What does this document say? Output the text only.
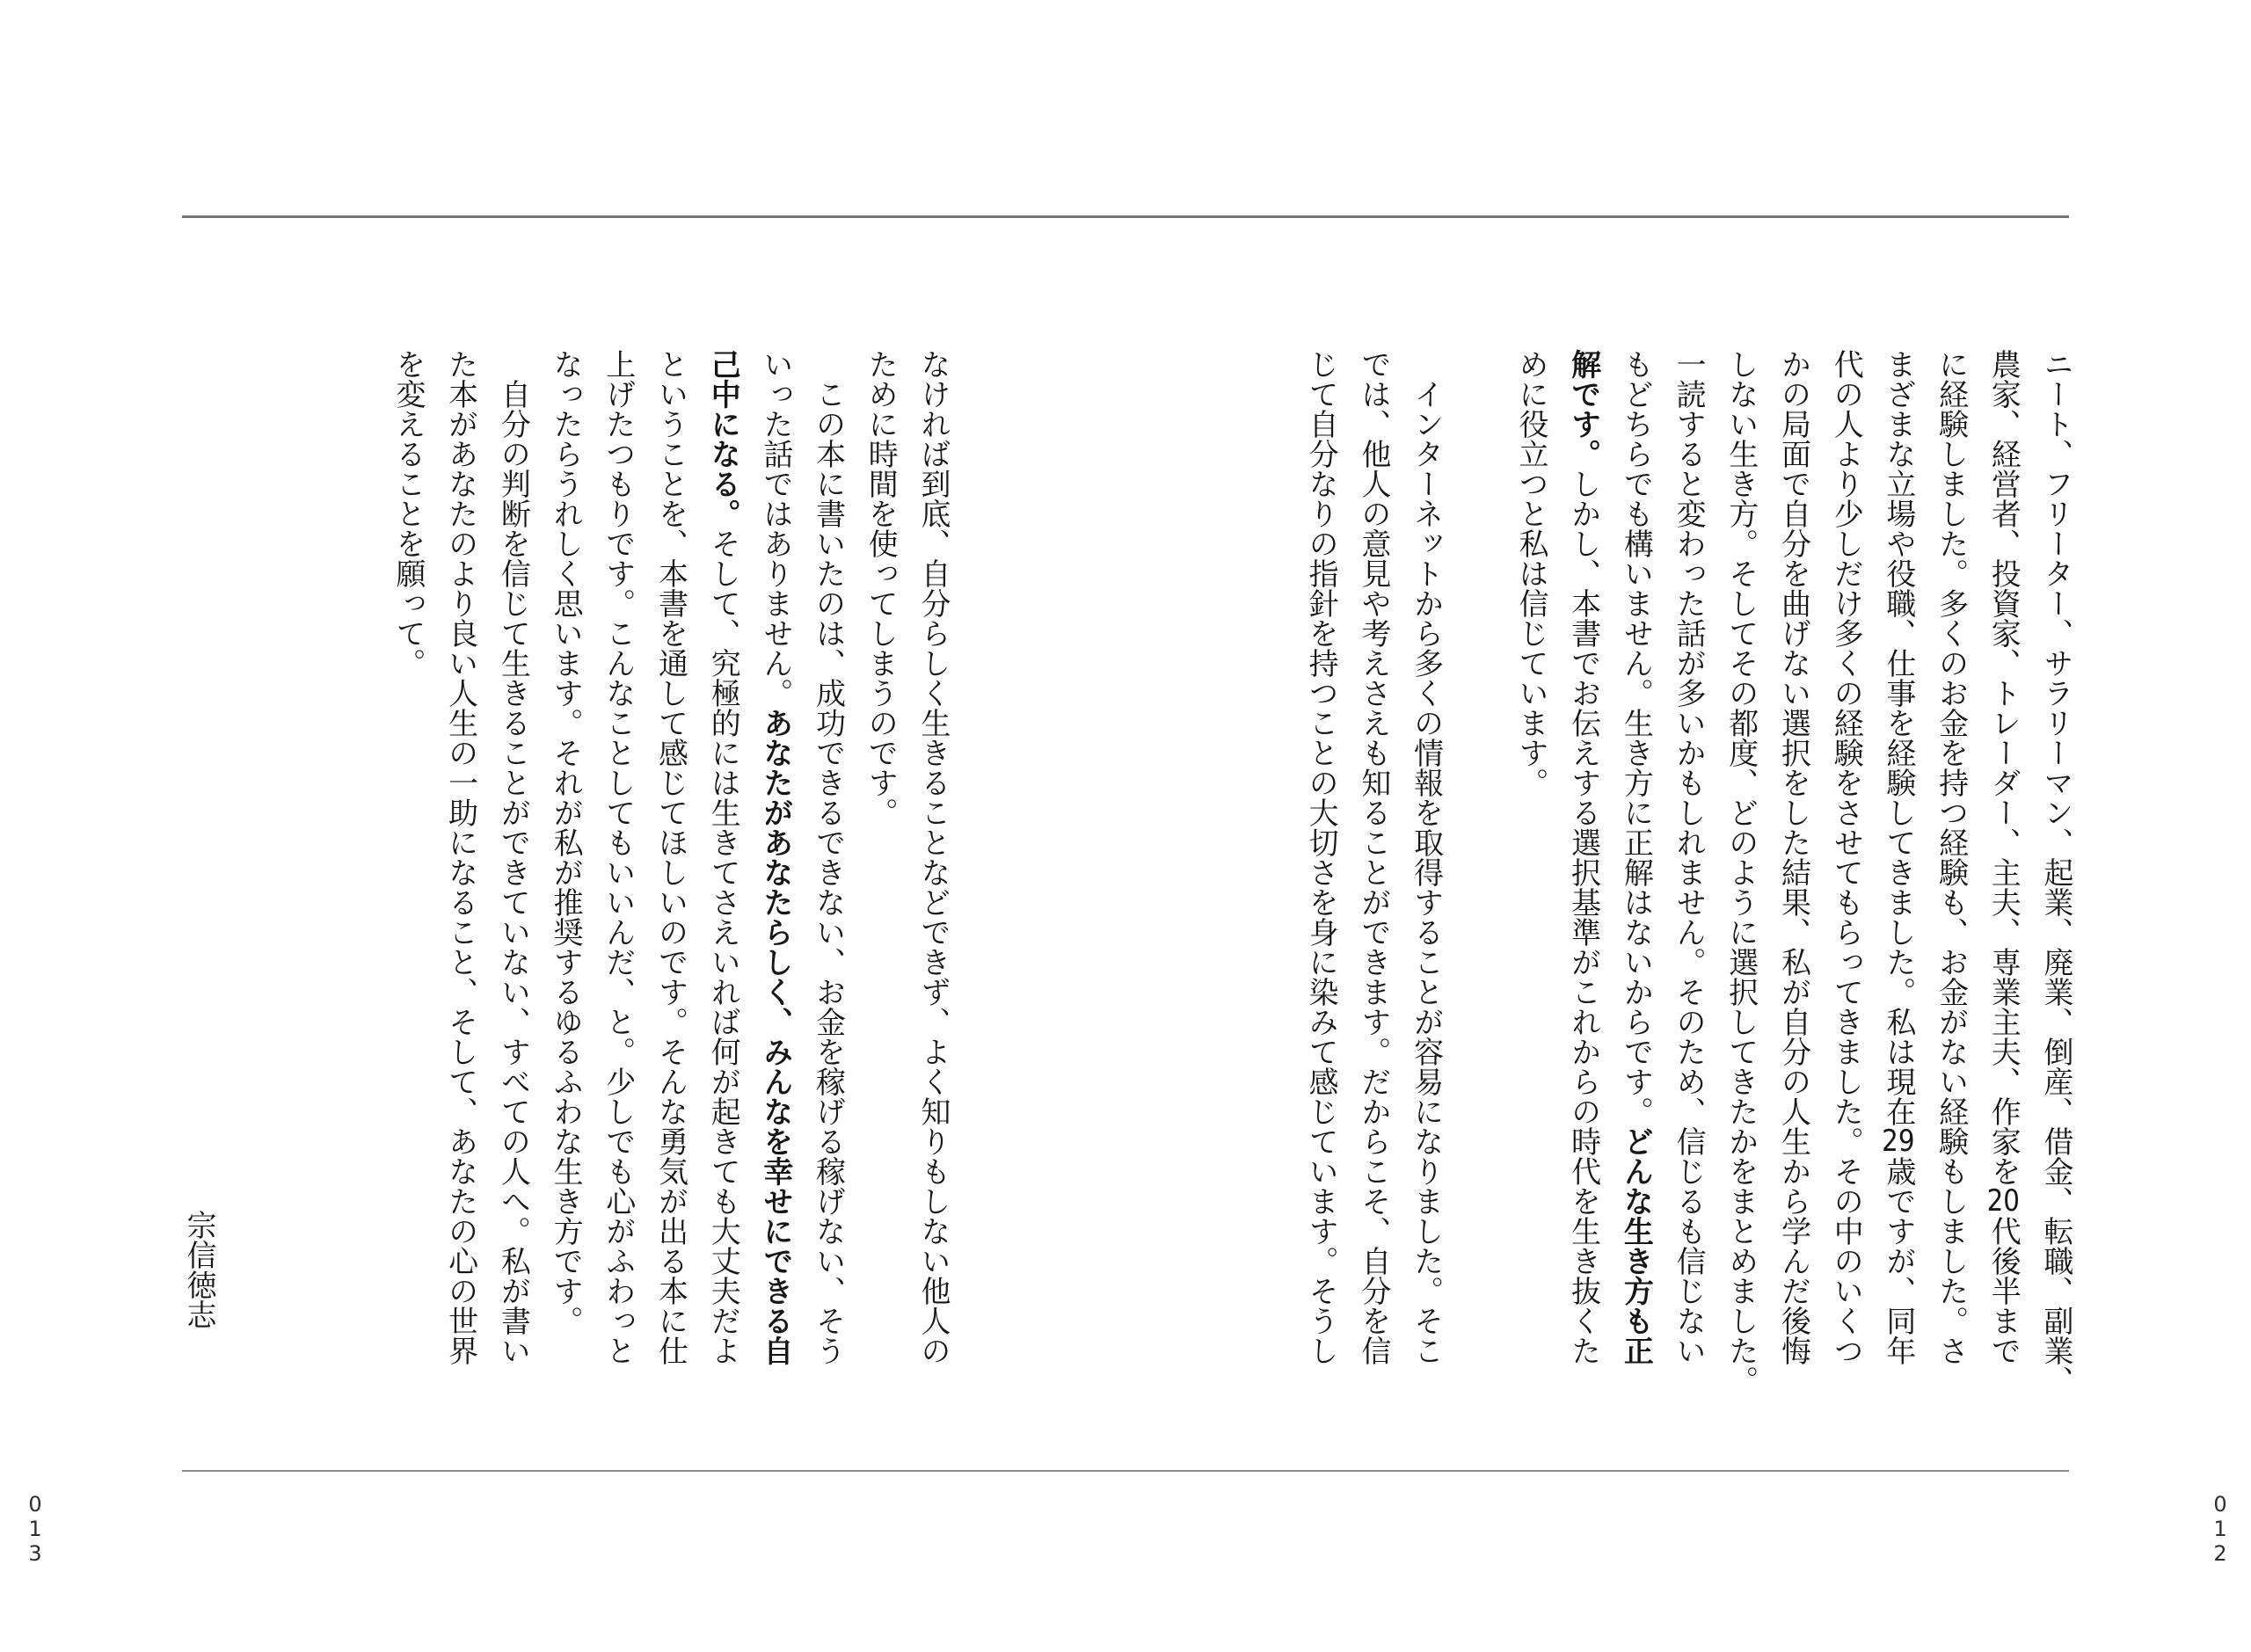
ニート、フリーター、サラリーマン、起業、廃業、倒産、借金、転職、副業、
農家、経営者、投資家、トレーダー、主夫、専業主夫、作家を20代後半まで
に経験しました。多くのお金を持つ経験も、お金がない経験もしました。さ
まざまな立場や役職、仕事を経験してきました。私は現在29歳ですが、同年
代の人より少しだけ多くの経験をさせてもらってきました。その中のいくつ
かの局面で自分を曲げない選択をした結果、私が自分の人生から学んだ後悔
しない生き方。そしてその都度、どのように選択してきたかをまとめました。
一読すると変わった話が多いかもしれません。そのため、信じるも信じない
もどちらでも構いません。生き方に正解はないからです。どんな生き方も正
解です。しかし、本書でお伝えする選択基準がこれからの時代を生き抜くた
めに役立つと私は信じています。
インターネットから多くの情報を取得することが容易になりました。そこ
では、他人の意見や考えさえも知ることができます。だからこそ、自分を信
じて自分なりの指針を持つことの大切さを身に染みて感じています。そうし
なければ到底、自分らしく生きることなどできず、よく知りもしない他人の
ために時間を使ってしまうのです。
この本に書いたのは、成功できるできない、お金を稼げる稼げない、そう
いった話ではありません。あなたがあなたらしく、みんなを幸せにできる自
己中になる。そして、究極的には生きてさえいれば何が起きても大丈夫だよ
ということを、本書を通して感じてほしいのです。そんな勇気が出る本に仕
上げたつもりです。こんなことしてもいいんだ、と。少しでも心がふわっと
なったらうれしく思います。それが私が推奨するゆるふわな生き方です。
自分の判断を信じて生きることができていない、すべての人へ。私が書い
た本があなたのより良い人生の一助になること、そして、あなたの心の世界
を変えることを願って。
宗信徳志
012
013
